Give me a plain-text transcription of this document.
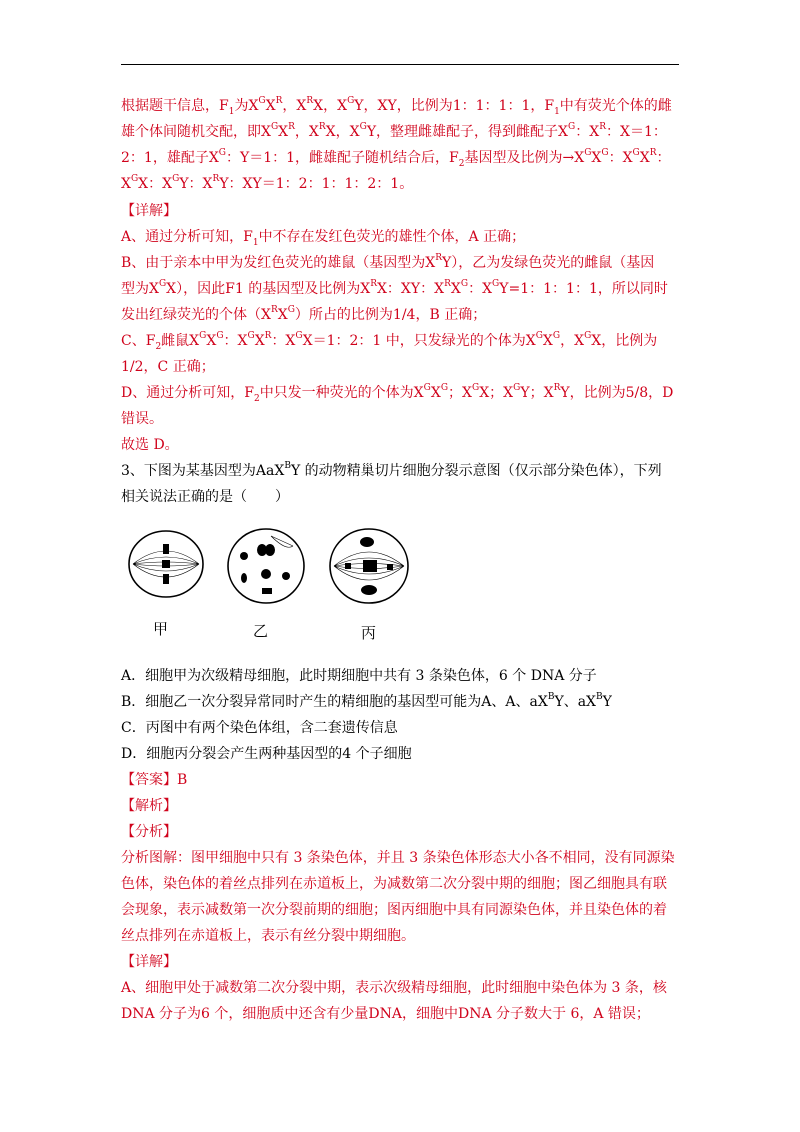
根据题干信息，$F_1$为$X^GX^R$，$X^RX$，$X^GY$，XY，比例为1：1：1：1，$F_1$中有荧光个体的雌
雄个体间随机交配，即$X^GX^R$，$X^RX$，$X^GY$，整理雌雄配子，得到雌配子$X^G$：$X^R$：X＝1：
2：1，雄配子$X^G$：Y＝1：1，雌雄配子随机结合后，$F_2$基因型及比例为$\to X^GX^G$：$X^GX^R$：
$X^GX$：$X^GY$：$X^RY$：XY＝1：2：1：1：2：1。
【详解】
A、通过分析可知，$F_1$中不存在发红色荧光的雄性个体，A 正确；
B、由于亲本中甲为发红色荧光的雄鼠（基因型为$X^RY$），乙为发绿色荧光的雌鼠（基因
型为$X^GX$），因此F1 的基因型及比例为$X^RX$：XY：$X^RX^G$：$X^GY=1$：1：1：1，所以同时
发出红绿荧光的个体$(X^RX^G)$所占的比例为1/4，B 正确；
C、$F_2$雌鼠$X^GX^G$：$X^GX^R$：$X^GX=1$：2：1 中，只发绿光的个体为$X^GX^G$，$X^GX$，比例为
1/2，C 正确；
D、通过分析可知，$F_2$中只发一种荧光的个体为$X^GX^G$；$X^GX$；$X^GY$；$X^RY$，比例为5/8，D
错误。
故选 D。
3、下图为某基因型为AaX$^B$Y 的动物精巢切片细胞分裂示意图（仅示部分染色体），下列
相关说法正确的是（　　）
甲	乙	丙
A．细胞甲为次级精母细胞，此时期细胞中共有 3 条染色体，6 个 DNA 分子
B．细胞乙一次分裂异常同时产生的精细胞的基因型可能为A、A、$aX^BY$、$aX^BY$
C．丙图中有两个染色体组，含二套遗传信息
D．细胞丙分裂会产生两种基因型的4 个子细胞
【答案】B
【解析】
【分析】
分析图解：图甲细胞中只有 3 条染色体，并且 3 条染色体形态大小各不相同，没有同源染
色体，染色体的着丝点排列在赤道板上，为减数第二次分裂中期的细胞；图乙细胞具有联
会现象，表示减数第一次分裂前期的细胞；图丙细胞中具有同源染色体，并且染色体的着
丝点排列在赤道板上，表示有丝分裂中期细胞。
【详解】
A、细胞甲处于减数第二次分裂中期，表示次级精母细胞，此时细胞中染色体为 3 条，核
DNA 分子为6 个，细胞质中还含有少量DNA，细胞中DNA 分子数大于 6，A 错误；
